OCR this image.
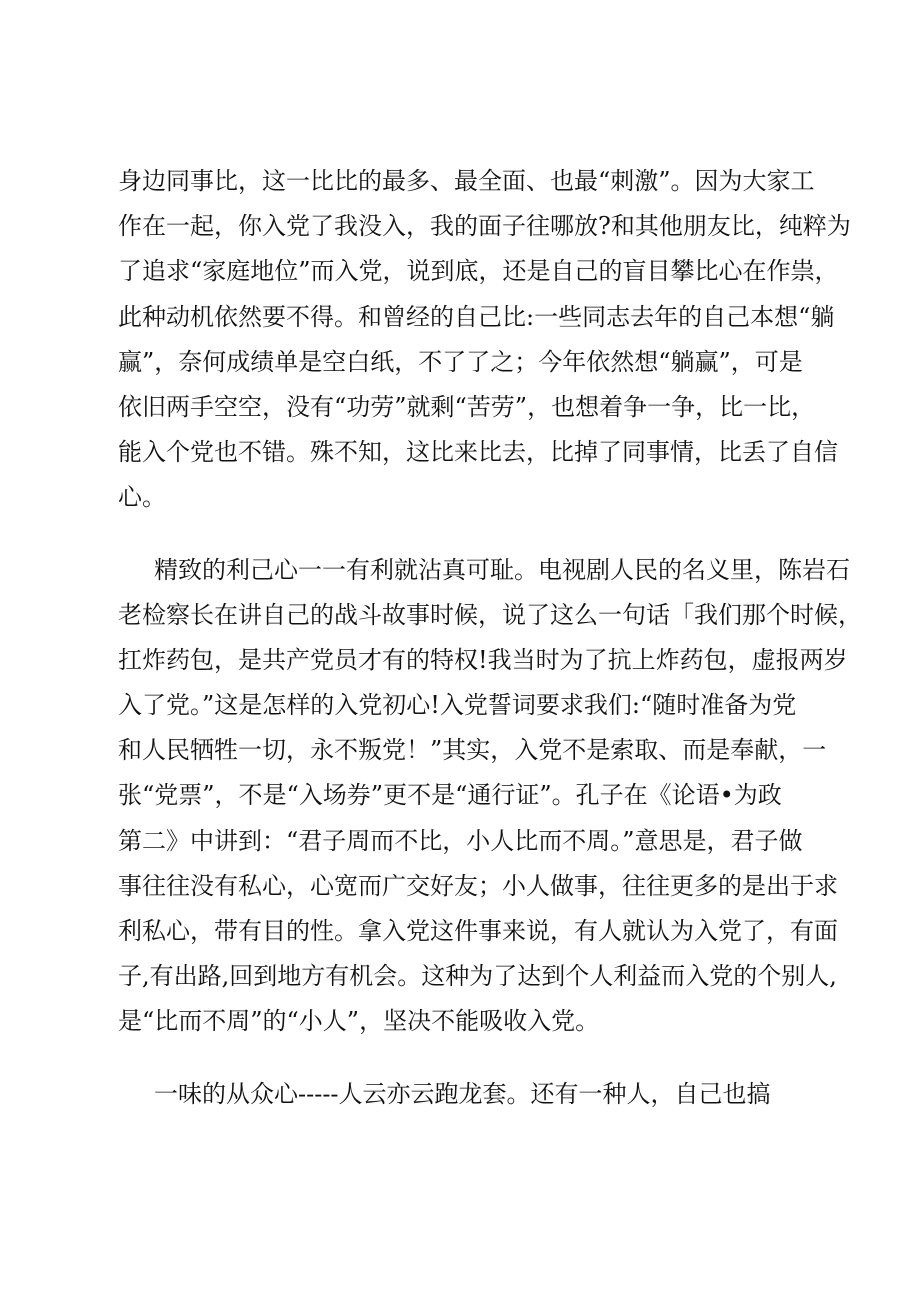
身边同事比，这一比比的最多、最全面、也最“刺激”。因为大家工
作在一起，你入党了我没入，我的面子往哪放?和其他朋友比，纯粹为
了追求“家庭地位”而入党，说到底，还是自己的盲目攀比心在作祟，
此种动机依然要不得。和曾经的自己比:一些同志去年的自己本想“躺
赢”，奈何成绩单是空白纸，不了了之；今年依然想“躺赢”，可是
依旧两手空空，没有“功劳”就剩“苦劳”，也想着争一争，比一比，
能入个党也不错。殊不知，这比来比去，比掉了同事情，比丢了自信
心。
精致的利己心一一有利就沾真可耻。电视剧人民的名义里，陈岩石
老检察长在讲自己的战斗故事时候，说了这么一句话「我们那个时候，
扛炸药包，是共产党员才有的特权!我当时为了抗上炸药包，虚报两岁
入了党。”这是怎样的入党初心!入党誓词要求我们:“随时准备为党
和人民牺牲一切，永不叛党！”其实，入党不是索取、而是奉献，一
张“党票”，不是“入场券”更不是“通行证”。孔子在《论语•为政
第二》中讲到：“君子周而不比，小人比而不周。”意思是，君子做
事往往没有私心，心宽而广交好友；小人做事，往往更多的是出于求
利私心，带有目的性。拿入党这件事来说，有人就认为入党了，有面
子,有出路,回到地方有机会。这种为了达到个人利益而入党的个别人,
是“比而不周”的“小人”，坚决不能吸收入党。
一味的从众心-----人云亦云跑龙套。还有一种人，自己也搞
